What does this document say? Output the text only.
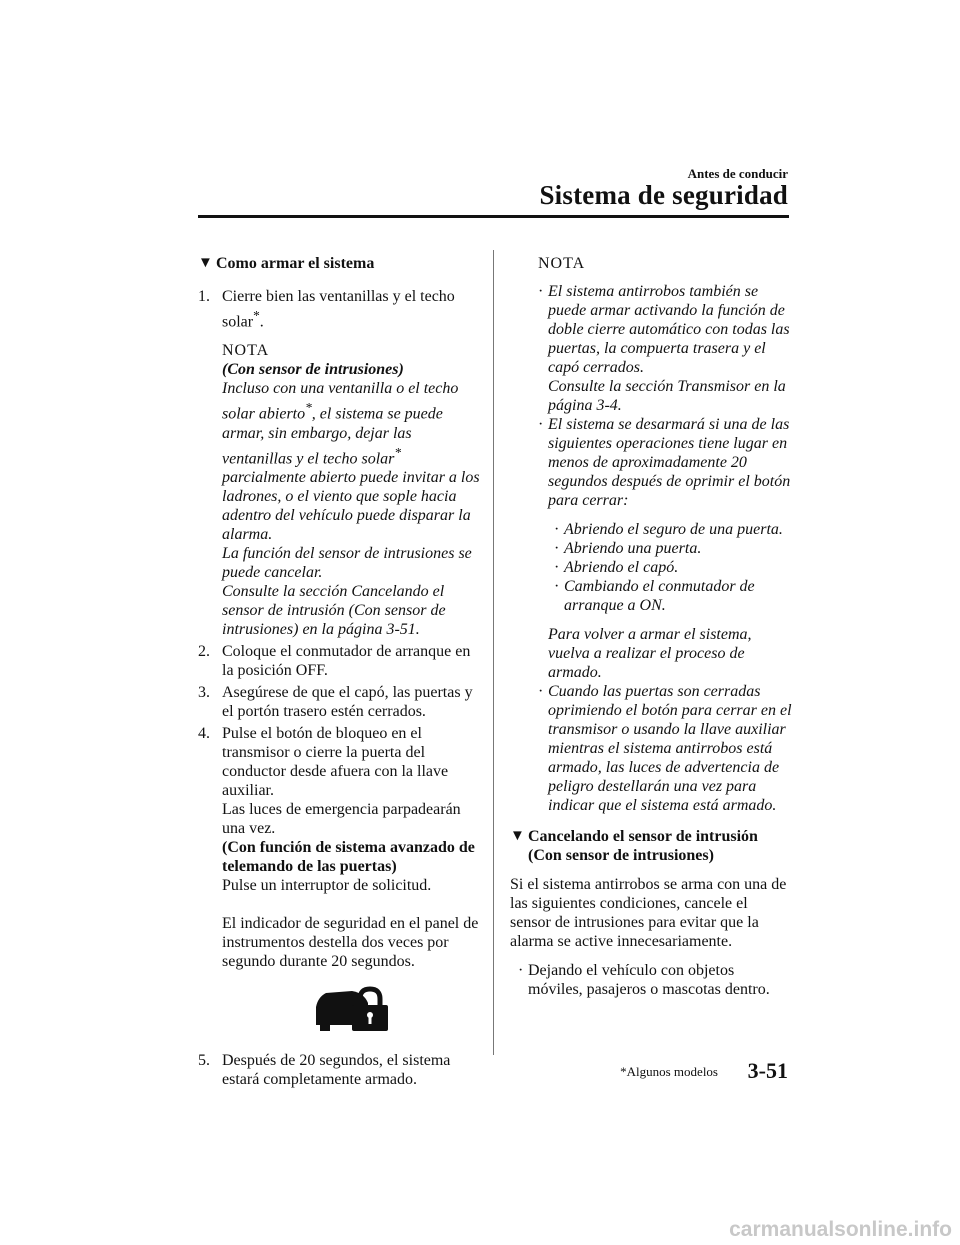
Antes de conducir
Sistema de seguridad
▼ Como armar el sistema
1. Cierre bien las ventanillas y el techo solar*.
NOTA
(Con sensor de intrusiones)
Incluso con una ventanilla o el techo solar abierto*, el sistema se puede armar, sin embargo, dejar las ventanillas y el techo solar* parcialmente abierto puede invitar a los ladrones, o el viento que sople hacia adentro del vehículo puede disparar la alarma.
La función del sensor de intrusiones se puede cancelar.
Consulte la sección Cancelando el sensor de intrusión (Con sensor de intrusiones) en la página 3-51.
2. Coloque el conmutador de arranque en la posición OFF.
3. Asegúrese de que el capó, las puertas y el portón trasero estén cerrados.
4. Pulse el botón de bloqueo en el transmisor o cierre la puerta del conductor desde afuera con la llave auxiliar.
Las luces de emergencia parpadearán una vez.
(Con función de sistema avanzado de telemando de las puertas)
Pulse un interruptor de solicitud.
El indicador de seguridad en el panel de instrumentos destella dos veces por segundo durante 20 segundos.
5. Después de 20 segundos, el sistema estará completamente armado.
NOTA
· El sistema antirrobos también se puede armar activando la función de doble cierre automático con todas las puertas, la compuerta trasera y el capó cerrados.
Consulte la sección Transmisor en la página 3-4.
· El sistema se desarmará si una de las siguientes operaciones tiene lugar en menos de aproximadamente 20 segundos después de oprimir el botón para cerrar:
· Abriendo el seguro de una puerta.
· Abriendo una puerta.
· Abriendo el capó.
· Cambiando el conmutador de arranque a ON.
Para volver a armar el sistema, vuelva a realizar el proceso de armado.
· Cuando las puertas son cerradas oprimiendo el botón para cerrar en el transmisor o usando la llave auxiliar mientras el sistema antirrobos está armado, las luces de advertencia de peligro destellarán una vez para indicar que el sistema está armado.
▼ Cancelando el sensor de intrusión (Con sensor de intrusiones)
Si el sistema antirrobos se arma con una de las siguientes condiciones, cancele el sensor de intrusiones para evitar que la alarma se active innecesariamente.
· Dejando el vehículo con objetos móviles, pasajeros o mascotas dentro.
*Algunos modelos 3-51
carmanualsonline.info
